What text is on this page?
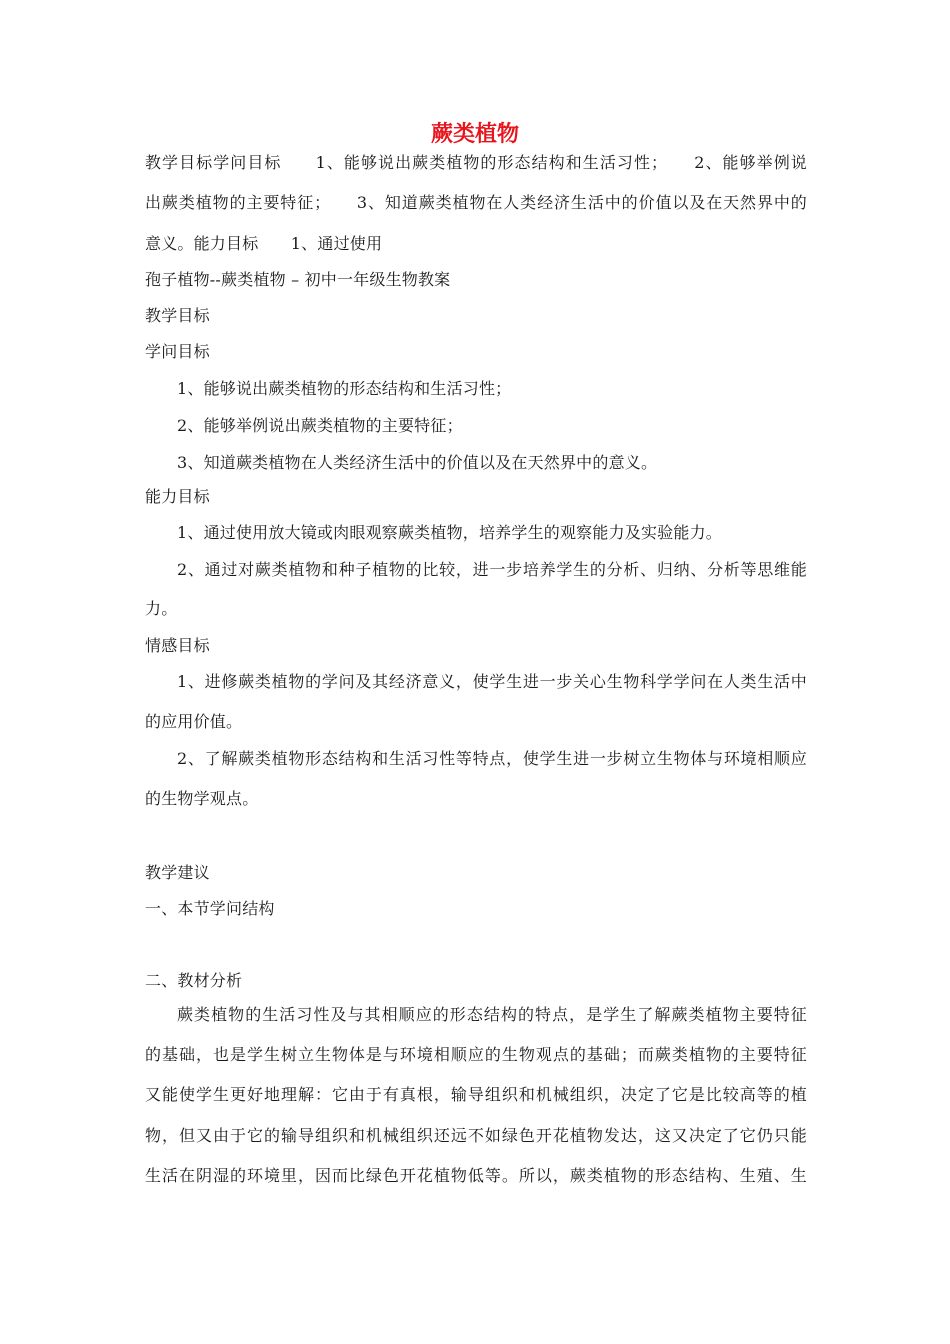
蕨类植物
教学目标学问目标　　1、能够说出蕨类植物的形态结构和生活习性；　　2、能够举例说
出蕨类植物的主要特征；　　3、知道蕨类植物在人类经济生活中的价值以及在天然界中的
意义。能力目标　　1、通过使用
孢子植物--蕨类植物 – 初中一年级生物教案
教学目标
学问目标
1、能够说出蕨类植物的形态结构和生活习性；
2、能够举例说出蕨类植物的主要特征；
3、知道蕨类植物在人类经济生活中的价值以及在天然界中的意义。
能力目标
1、通过使用放大镜或肉眼观察蕨类植物，培养学生的观察能力及实验能力。
2、通过对蕨类植物和种子植物的比较，进一步培养学生的分析、归纳、分析等思维能
力。
情感目标
1、进修蕨类植物的学问及其经济意义，使学生进一步关心生物科学学问在人类生活中
的应用价值。
2、了解蕨类植物形态结构和生活习性等特点，使学生进一步树立生物体与环境相顺应
的生物学观点。
教学建议
一、本节学问结构
二、教材分析
蕨类植物的生活习性及与其相顺应的形态结构的特点，是学生了解蕨类植物主要特征
的基础，也是学生树立生物体是与环境相顺应的生物观点的基础；而蕨类植物的主要特征
又能使学生更好地理解：它由于有真根，输导组织和机械组织，决定了它是比较高等的植
物，但又由于它的输导组织和机械组织还远不如绿色开花植物发达，这又决定了它仍只能
生活在阴湿的环境里，因而比绿色开花植物低等。所以，蕨类植物的形态结构、生殖、生
